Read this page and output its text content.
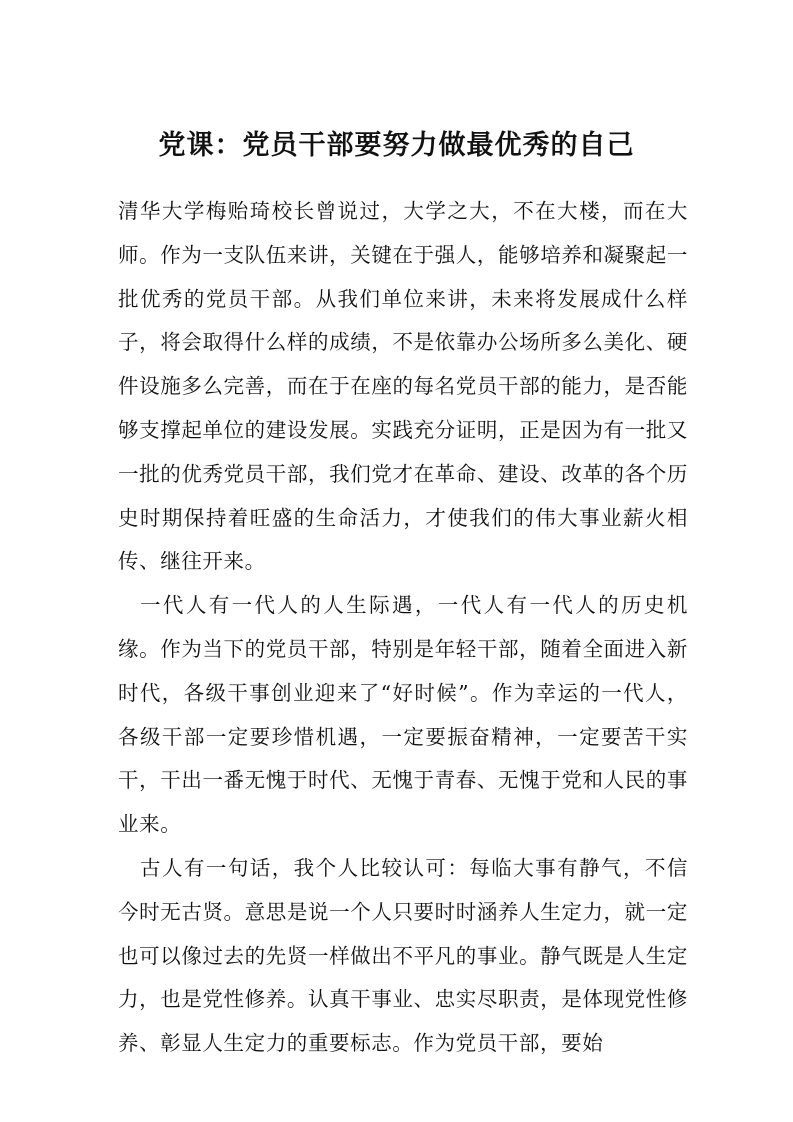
党课：党员干部要努力做最优秀的自己

清华大学梅贻琦校长曾说过，大学之大，不在大楼，而在大师。作为一支队伍来讲，关键在于强人，能够培养和凝聚起一批优秀的党员干部。从我们单位来讲，未来将发展成什么样子，将会取得什么样的成绩，不是依靠办公场所多么美化、硬件设施多么完善，而在于在座的每名党员干部的能力，是否能够支撑起单位的建设发展。实践充分证明，正是因为有一批又一批的优秀党员干部，我们党才在革命、建设、改革的各个历史时期保持着旺盛的生命活力，才使我们的伟大事业薪火相传、继往开来。

一代人有一代人的人生际遇，一代人有一代人的历史机缘。作为当下的党员干部，特别是年轻干部，随着全面进入新时代，各级干事创业迎来了“好时候”。作为幸运的一代人，各级干部一定要珍惜机遇，一定要振奋精神，一定要苦干实干，干出一番无愧于时代、无愧于青春、无愧于党和人民的事业来。

古人有一句话，我个人比较认可：每临大事有静气，不信今时无古贤。意思是说一个人只要时时涵养人生定力，就一定也可以像过去的先贤一样做出不平凡的事业。静气既是人生定力，也是党性修养。认真干事业、忠实尽职责，是体现党性修养、彰显人生定力的重要标志。作为党员干部，要始
